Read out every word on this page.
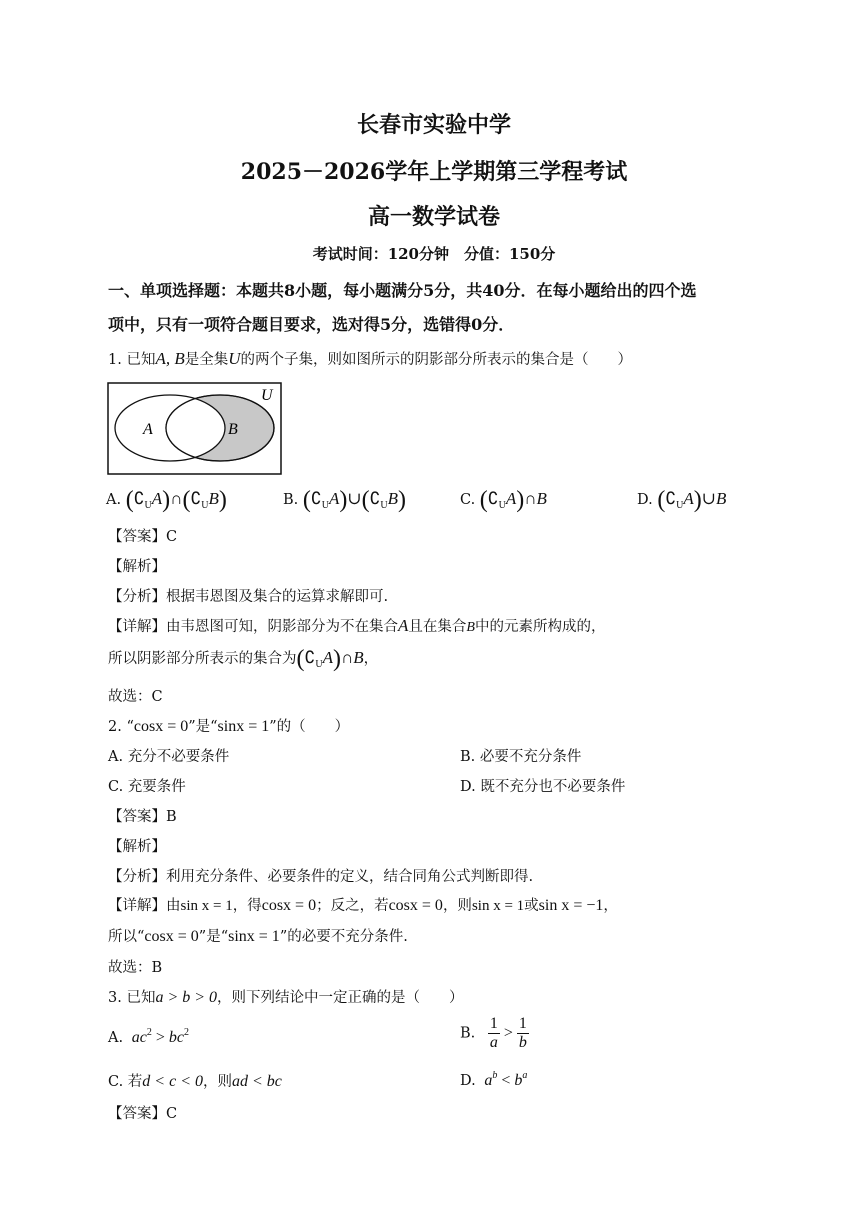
长春市实验中学
2025－2026学年上学期第三学程考试
高一数学试卷
考试时间：120分钟　分值：150分
一、单项选择题：本题共8小题，每小题满分5分，共40分．在每小题给出的四个选
项中，只有一项符合题目要求，选对得5分，选错得0分．
1. 已知A, B是全集U的两个子集，则如图所示的阴影部分所表示的集合是（　　）
U
A	B
A. $(∁_UA)\cap(∁_UB)$	B. $(∁_UA)\cup(∁_UB)$	C. $(∁_UA)\cap B$	D. $(∁_UA)\cup B$
【答案】C
【解析】
【分析】根据韦恩图及集合的运算求解即可.
【详解】由韦恩图可知，阴影部分为不在集合A且在集合B中的元素所构成的，
所以阴影部分所表示的集合为$(∁_UA)\cap B$，
故选：C
2. “cosx = 0”是“sinx = 1”的（　　）
A. 充分不必要条件	B. 必要不充分条件
C. 充要条件	D. 既不充分也不必要条件
【答案】B
【解析】
【分析】利用充分条件、必要条件的定义，结合同角公式判断即得.
【详解】由sin x = 1，得cosx = 0；反之，若cosx = 0，则sin x = 1或sin x = −1，
所以“cosx = 0”是“sinx = 1”的必要不充分条件.
故选：B
3. 已知a > b > 0，则下列结论中一定正确的是（　　）
A.  $ac^2 > bc^2$	B. $\frac{1}{a} > \frac{1}{b}$
C. 若d < c < 0，则ad < bc	D.  $a^b < b^a$
【答案】C
